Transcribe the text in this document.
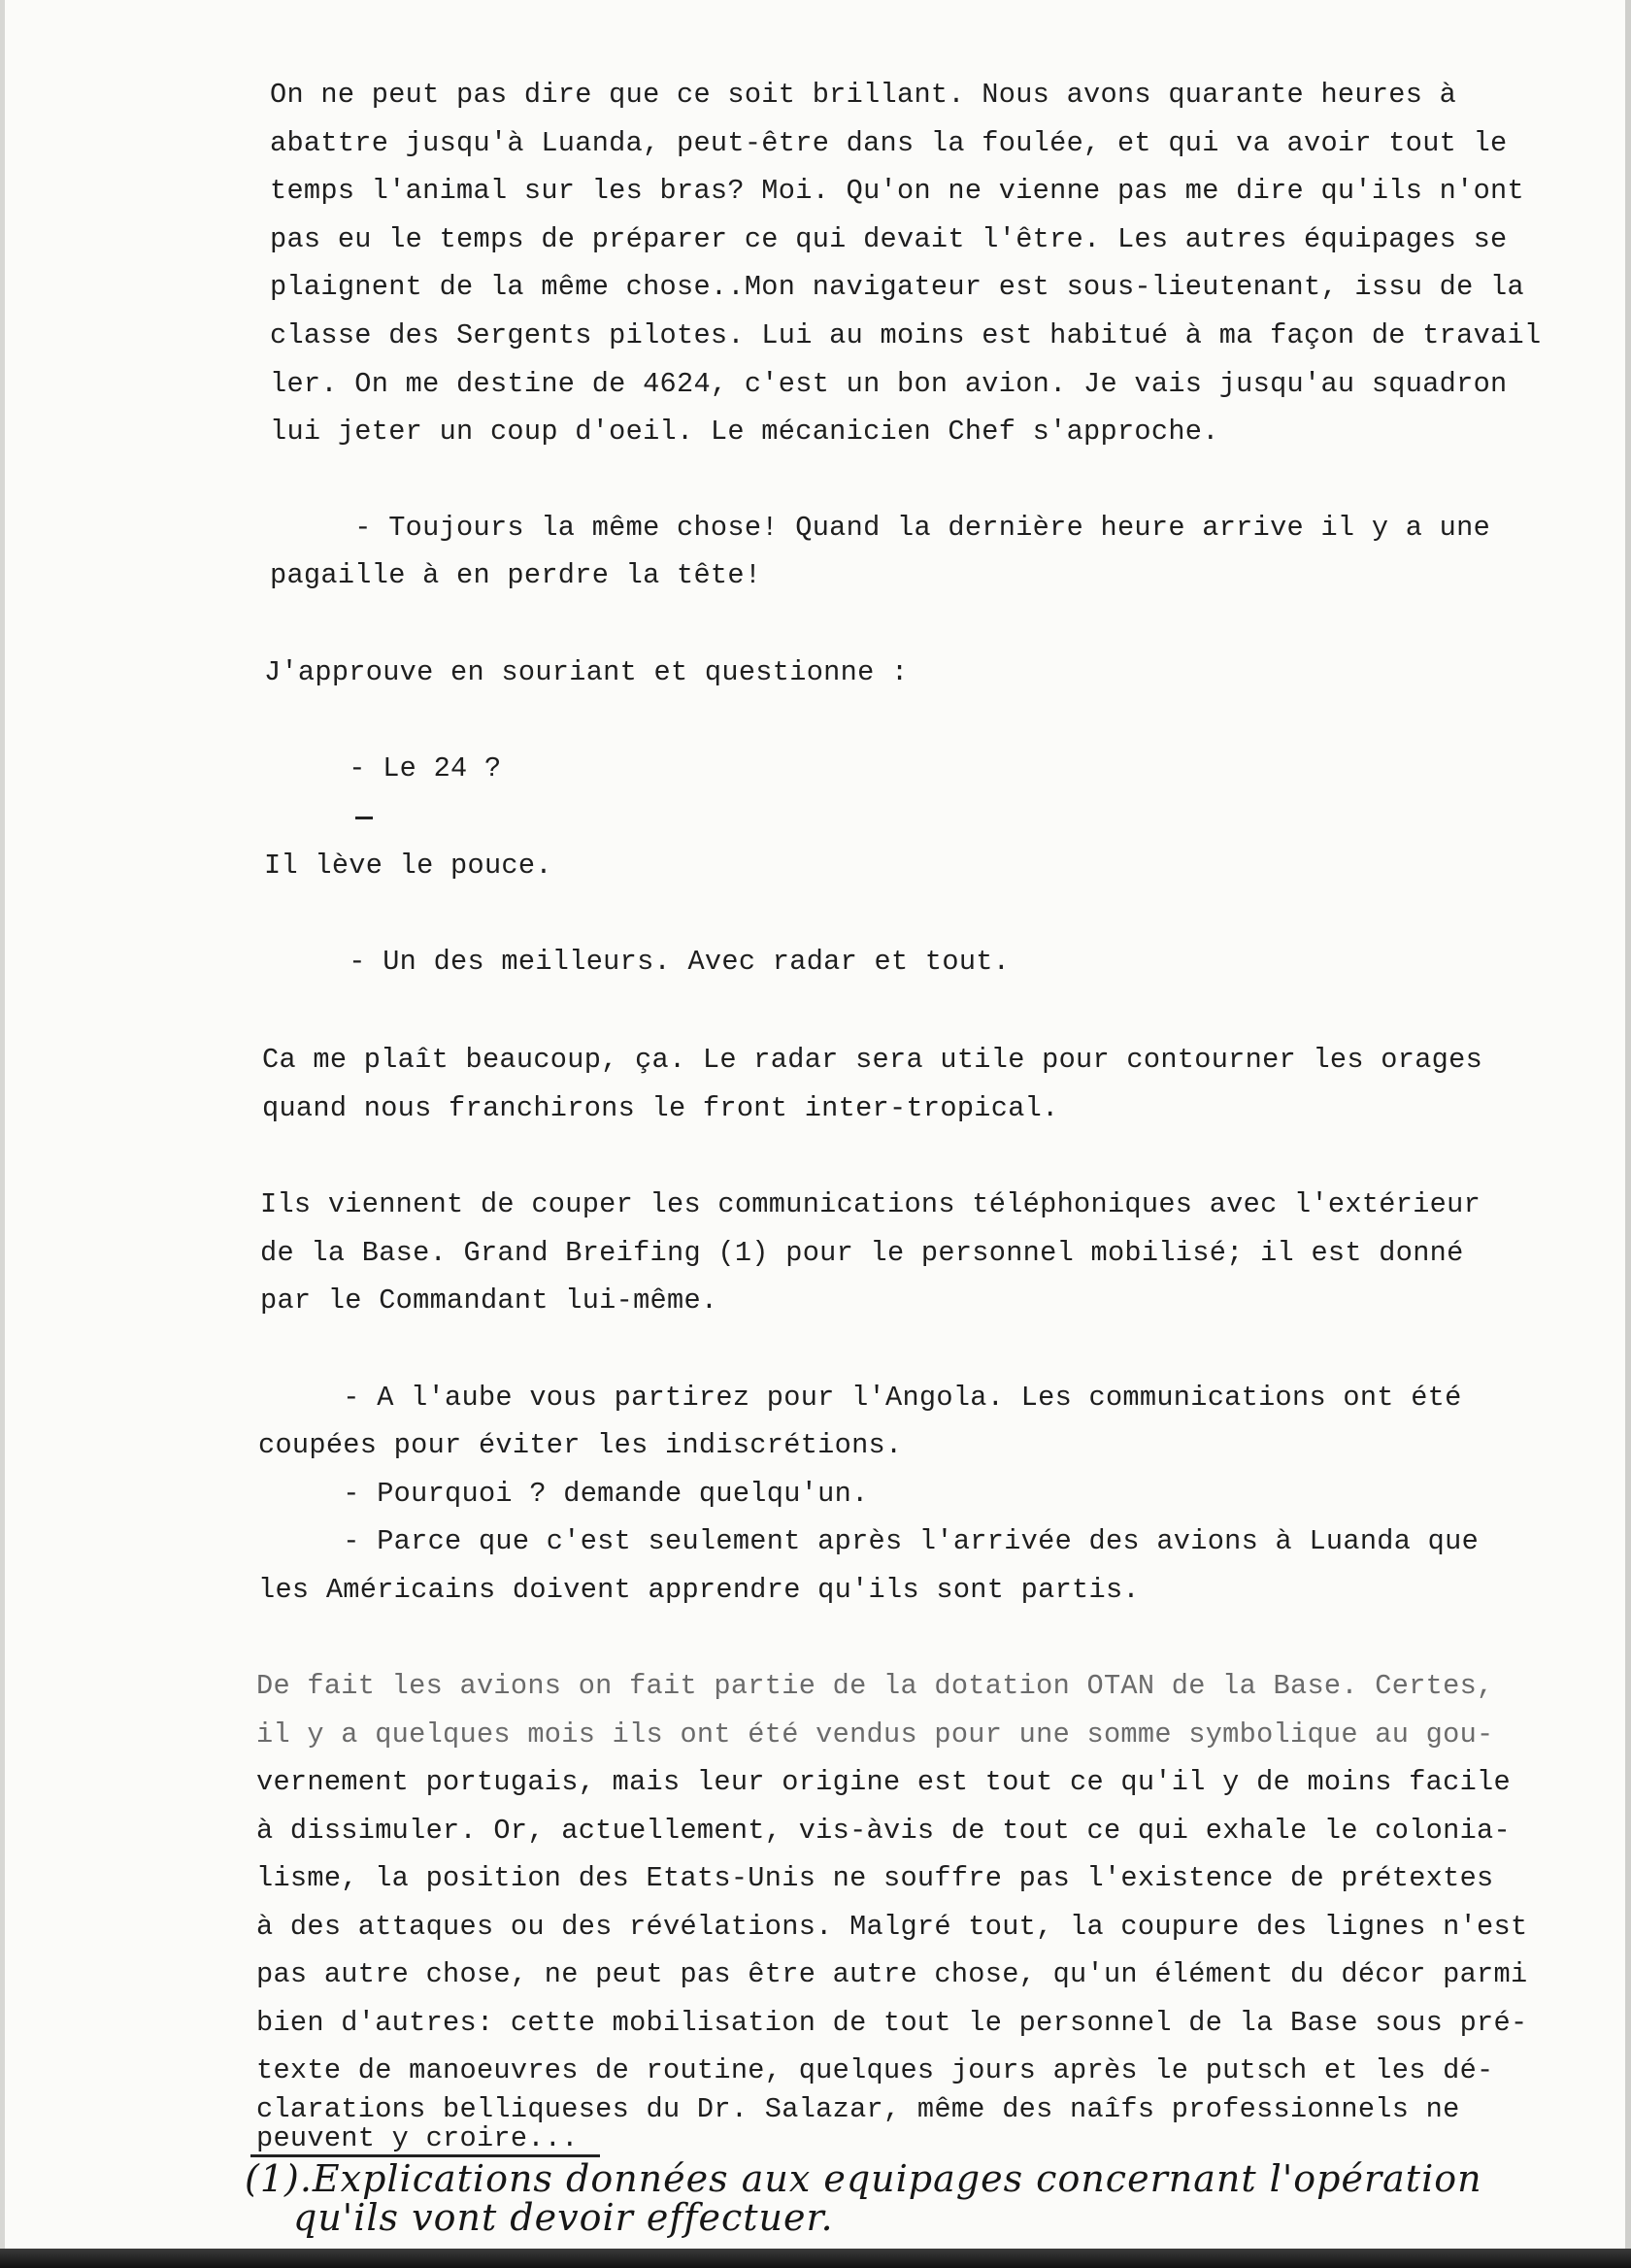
On ne peut pas dire que ce soit brillant. Nous avons quarante heures à
abattre jusqu'à Luanda, peut-être dans la foulée, et qui va avoir tout le
temps l'animal sur les bras? Moi. Qu'on ne vienne pas me dire qu'ils n'ont
pas eu le temps de préparer ce qui devait l'être. Les autres équipages se
plaignent de la même chose..Mon navigateur est sous-lieutenant, issu de la
classe des Sergents pilotes. Lui au moins est habitué à ma façon de travail
ler. On me destine de 4624, c'est un bon avion. Je vais jusqu'au squadron
lui jeter un coup d'oeil. Le mécanicien Chef s'approche.
- Toujours la même chose! Quand la dernière heure arrive il y a une
pagaille à en perdre la tête!
J'approuve en souriant et questionne :
- Le 24 ?
Il lève le pouce.
- Un des meilleurs. Avec radar et tout.
Ca me plaît beaucoup, ça. Le radar sera utile pour contourner les orages
quand nous franchirons le front inter-tropical.
Ils viennent de couper les communications téléphoniques avec l'extérieur
de la Base. Grand Breifing (1) pour le personnel mobilisé; il est donné
par le Commandant lui-même.
- A l'aube vous partirez pour l'Angola. Les communications ont été
coupées pour éviter les indiscrétions.
- Pourquoi ? demande quelqu'un.
- Parce que c'est seulement après l'arrivée des avions à Luanda que
les Américains doivent apprendre qu'ils sont partis.
De fait les avions on fait partie de la dotation OTAN de la Base. Certes,
il y a quelques mois ils ont été vendus pour une somme symbolique au gou-
vernement portugais, mais leur origine est tout ce qu'il y de moins facile
à dissimuler. Or, actuellement, vis-àvis de tout ce qui exhale le colonia-
lisme, la position des Etats-Unis ne souffre pas l'existence de prétextes
à des attaques ou des révélations. Malgré tout, la coupure des lignes n'est
pas autre chose, ne peut pas être autre chose, qu'un élément du décor parmi
bien d'autres: cette mobilisation de tout le personnel de la Base sous pré-
texte de manoeuvres de routine, quelques jours après le putsch et les dé-
clarations belliqueses du Dr. Salazar, même des naîfs professionnels ne
peuvent y croire...
(1).Explications données aux equipages concernant l'opération
qu'ils vont devoir effectuer.
